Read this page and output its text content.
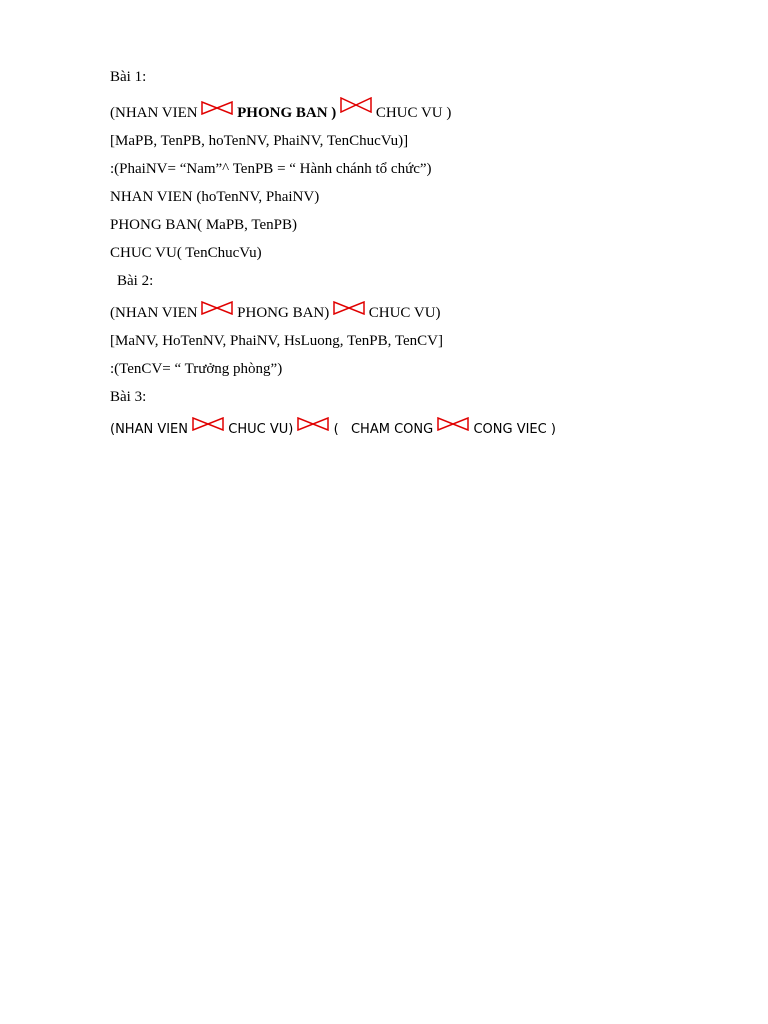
Bài 1:
(NHAN VIEN	PHONG BAN )	CHUC VU )
[MaPB, TenPB, hoTenNV, PhaiNV, TenChucVu)]
:(PhaiNV= “Nam”^ TenPB = “ Hành chánh tổ chức”)
NHAN VIEN (hoTenNV, PhaiNV)
PHONG BAN( MaPB, TenPB)
CHUC VU( TenChucVu)
Bài 2:
(NHAN VIEN	PHONG BAN)	CHUC VU)
[MaNV, HoTenNV, PhaiNV, HsLuong, TenPB, TenCV]
:(TenCV= “ Trưởng phòng”)
Bài 3:
(NHAN VIEN	CHUC VU)	( CHAM CONG	CONG VIEC )
